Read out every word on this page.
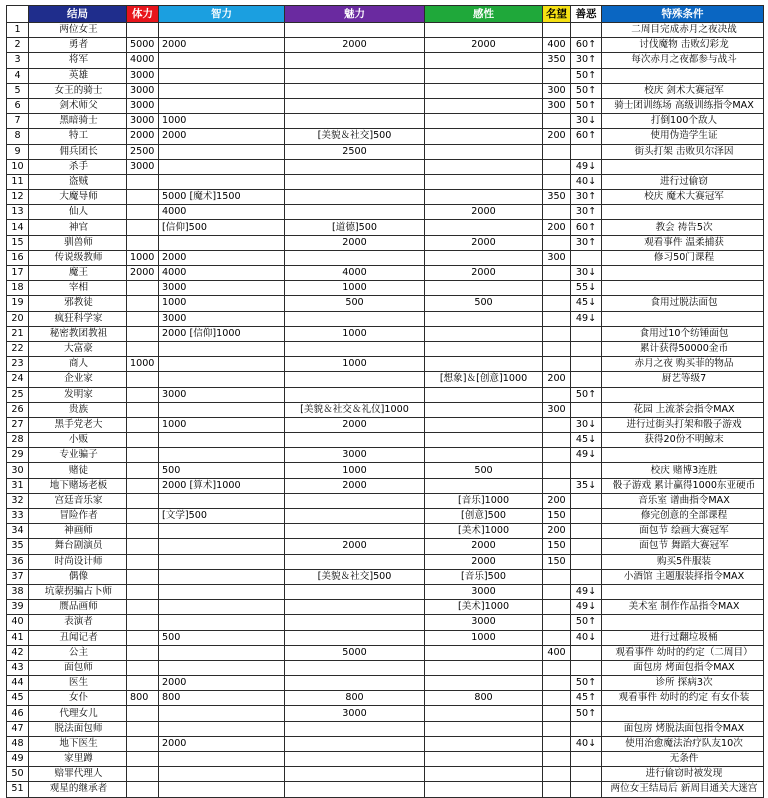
	结局	体力	智力	魅力	感性	名望	善恶	特殊条件
1	两位女王							二周目完成赤月之夜决战
2	勇者	5000	2000	2000	2000	400	60↑	讨伐魔物 击败幻彩龙
3	将军	4000				350	30↑	每次赤月之夜都参与战斗
4	英雄	3000					50↑	
5	女王的骑士	3000				300	50↑	校庆 剑术大赛冠军
6	剑术师父	3000				300	50↑	骑士团训练场 高级训练指令MAX
7	黑暗骑士	3000	1000				30↓	打倒100个敌人
8	特工	2000	2000	[美貌＆社交]500		200	60↑	使用伪造学生证
9	佣兵团长	2500		2500				街头打架 击败贝尔泽因
10	杀手	3000					49↓	
11	盗贼						40↓	进行过偷窃
12	大魔导师		5000 [魔术]1500			350	30↑	校庆 魔术大赛冠军
13	仙人		4000		2000		30↑	
14	神官		[信仰]500	[道德]500		200	60↑	教会 祷告5次
15	驯兽师			2000	2000		30↑	观看事件 温柔捕获
16	传说级教师	1000	2000			300		修习50门课程
17	魔王	2000	4000	4000	2000		30↓	
18	宰相		3000	1000			55↓	
19	邪教徒		1000	500	500		45↓	食用过脱法面包
20	疯狂科学家		3000				49↓	
21	秘密教团教祖		2000 [信仰]1000	1000				食用过10个纺锤面包
22	大富豪							累计获得50000金币
23	商人	1000		1000				赤月之夜 购买菲的物品
24	企业家				[想象]＆[创意]1000	200		厨艺等级7
25	发明家		3000				50↑	
26	贵族			[美貌＆社交＆礼仪]1000		300		花园 上流茶会指令MAX
27	黑手党老大		1000	2000			30↓	进行过街头打架和骰子游戏
28	小贩						45↓	获得20份不明鲸末
29	专业骗子			3000			49↓	
30	赌徒		500	1000	500			校庆 赌博3连胜
31	地下赌场老板		2000 [算术]1000	2000			35↓	骰子游戏 累计赢得1000东亚硬币
32	宫廷音乐家				[音乐]1000	200		音乐室 谱曲指令MAX
33	冒险作者		[文学]500		[创意]500	150		修完创意的全部课程
34	神画师				[美术]1000	200		面包节 绘画大赛冠军
35	舞台剧演员			2000	2000	150		面包节 舞蹈大赛冠军
36	时尚设计师				2000	150		购买5件服装
37	偶像			[美貌＆社交]500	[音乐]500			小酒馆 主题服装择指令MAX
38	坑蒙拐骗占卜师				3000		49↓	
39	赝品画师				[美术]1000		49↓	美术室 制作作品指令MAX
40	表演者				3000		50↑	
41	丑闻记者		500		1000		40↓	进行过翻垃圾桶
42	公主			5000		400		观看事件 幼时的约定（二周目）
43	面包师							面包房 烤面包指令MAX
44	医生		2000				50↑	诊所 探病3次
45	女仆	800	800	800	800		45↑	观看事件 幼时的约定 有女仆装
46	代理女儿			3000			50↑	
47	脱法面包师							面包房 烤脱法面包指令MAX
48	地下医生		2000				40↓	使用治愈魔法治疗队友10次
49	家里蹲							无条件
50	赔罪代理人							进行偷窃时被发现
51	观星的继承者							两位女王结局后 新周目通关大迷宫
